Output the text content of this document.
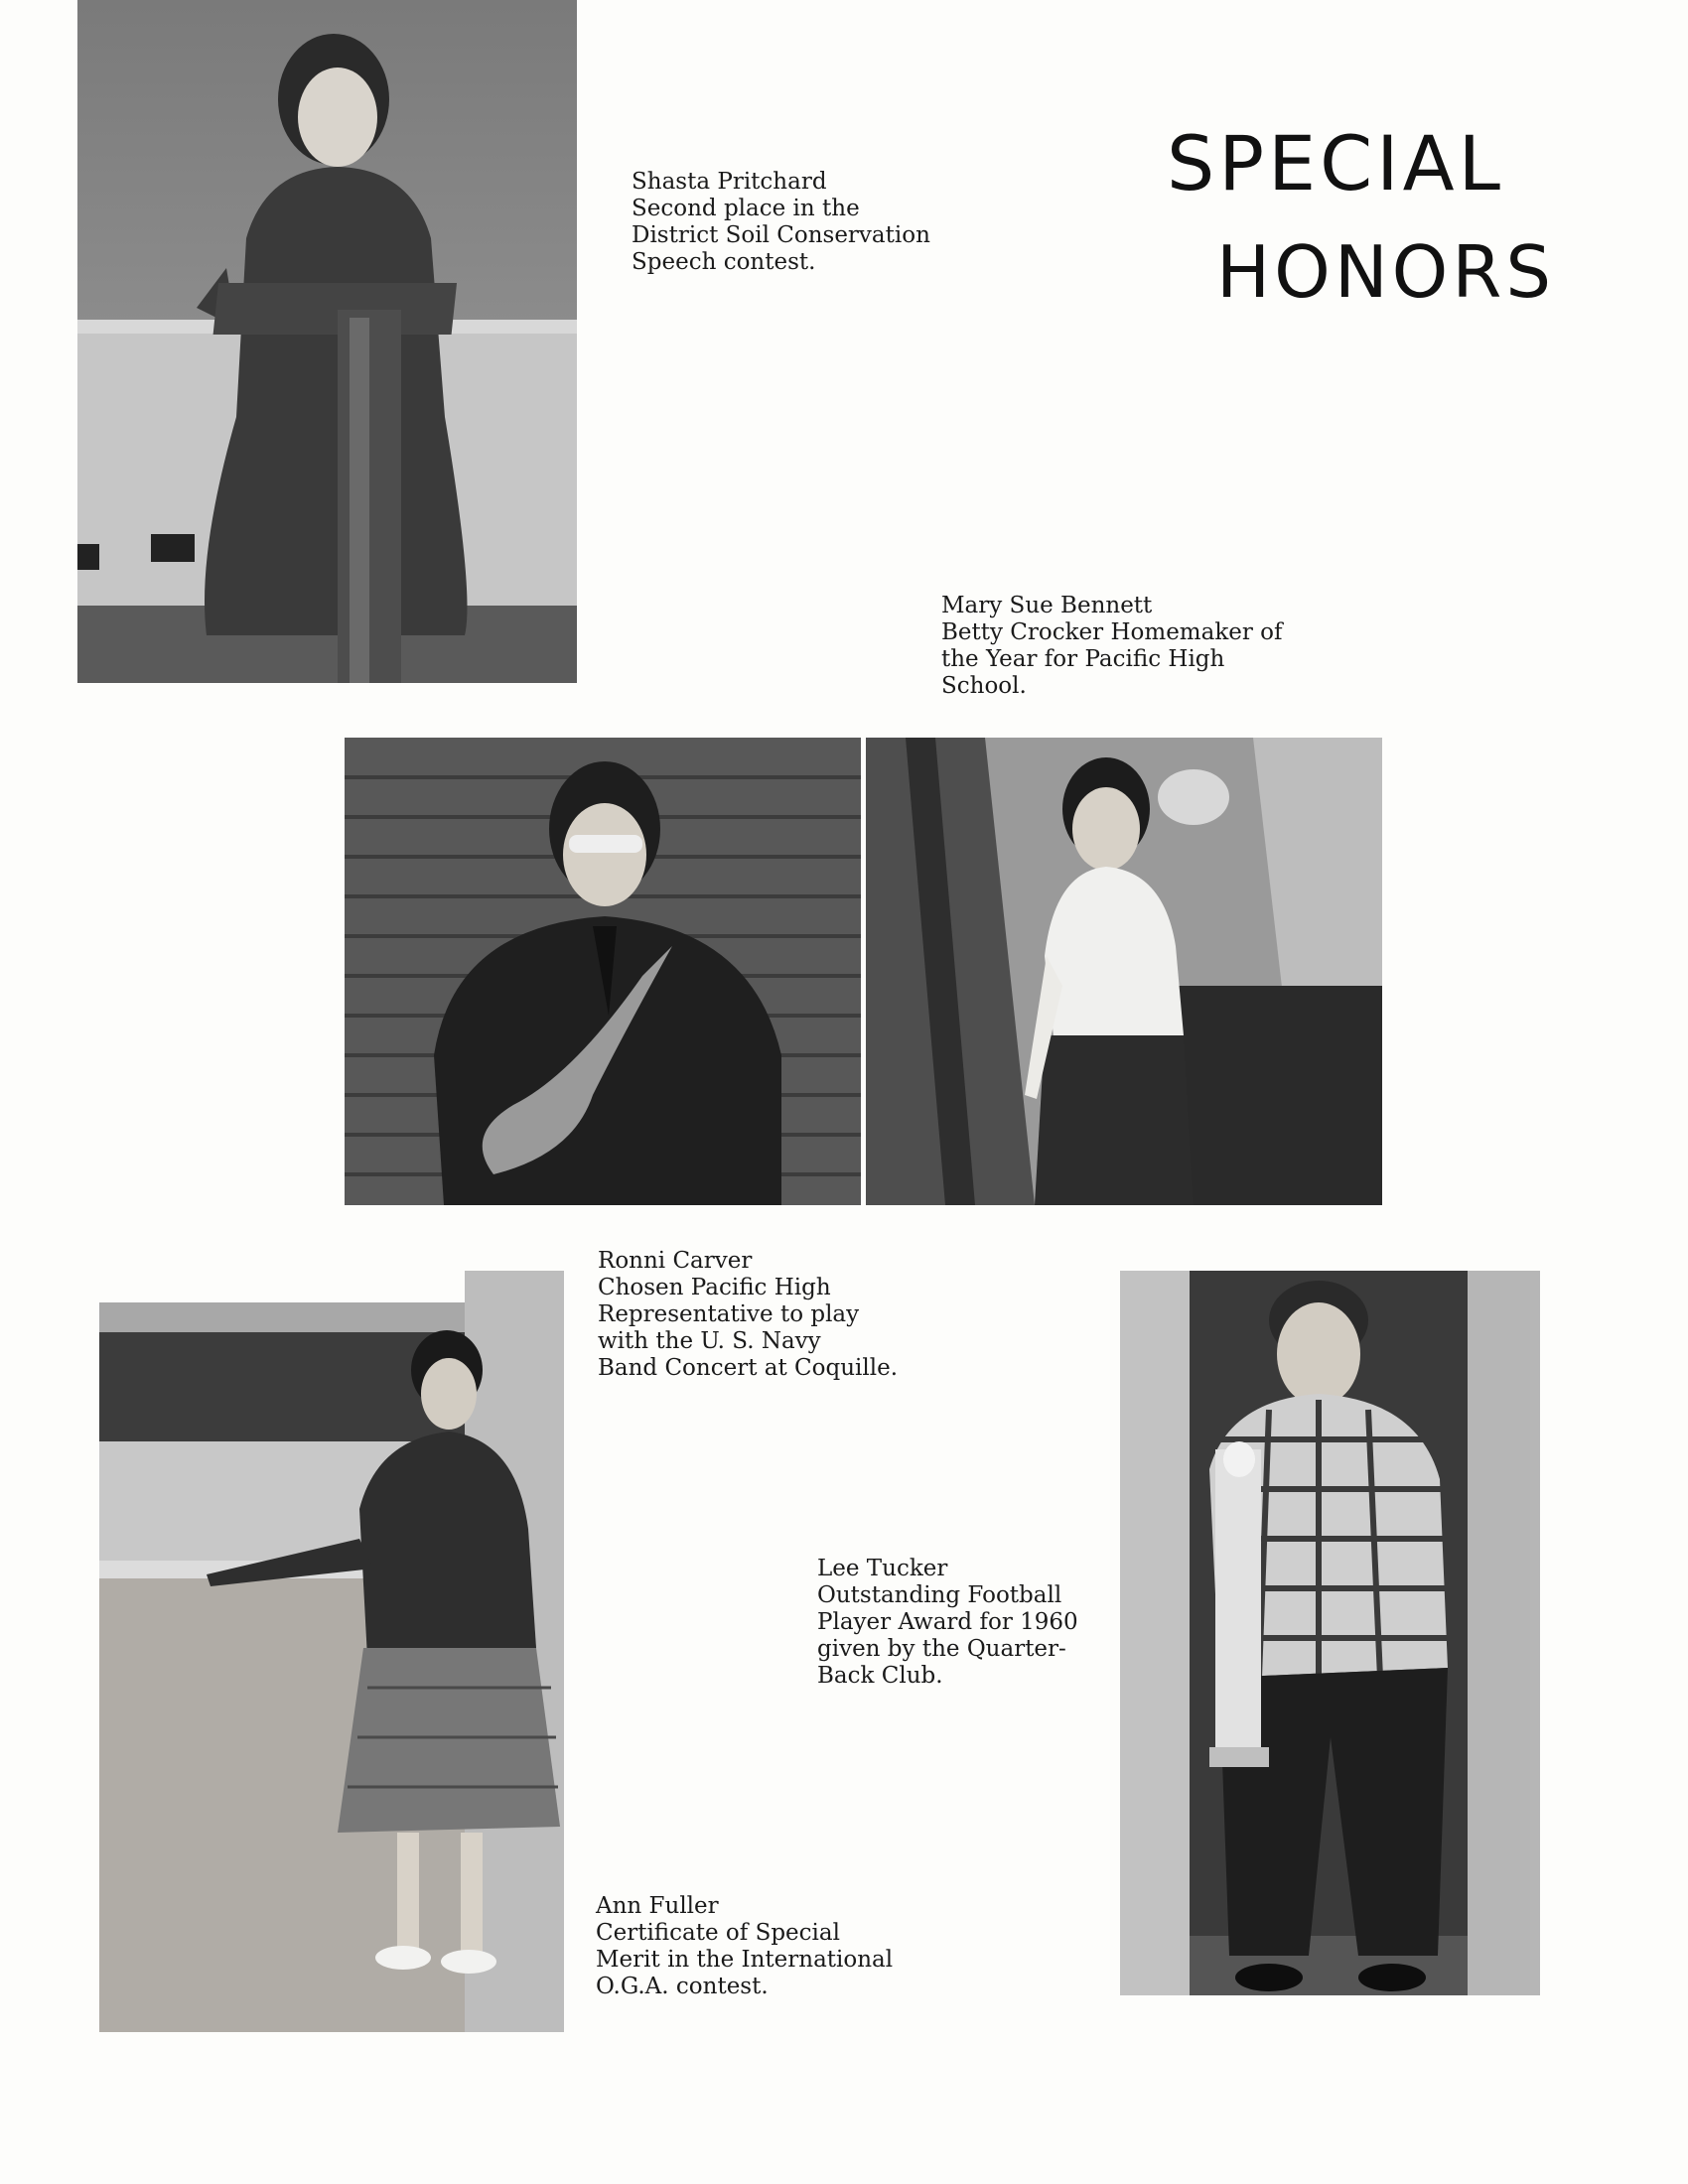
SPECIAL
HONORS
Shasta Pritchard
Second place in the
District Soil Conservation
Speech contest.
Mary Sue Bennett
Betty Crocker Homemaker of
the Year for Pacific High
School.
Ronni Carver
Chosen Pacific High
Representative to play
with the U. S. Navy
Band Concert at Coquille.
Lee Tucker
Outstanding Football
Player Award for 1960
given by the Quarter-
Back Club.
Ann Fuller
Certificate of Special
Merit in the International
O.G.A. contest.
